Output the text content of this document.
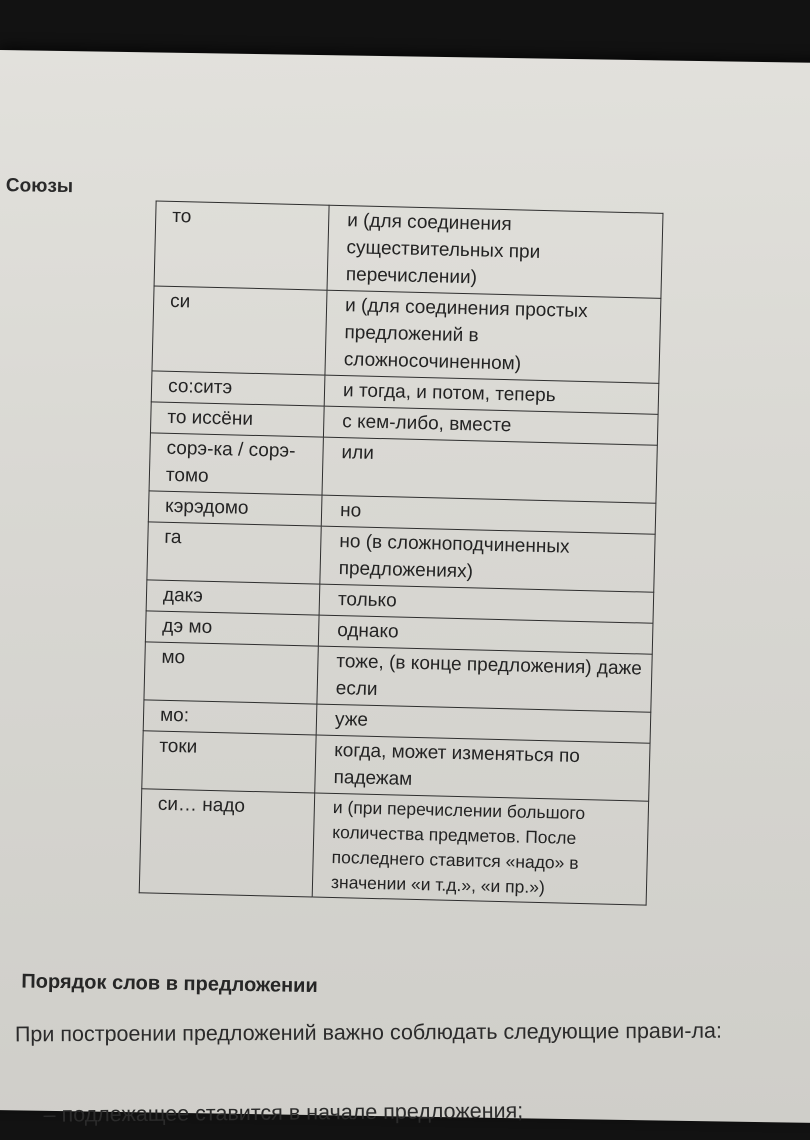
Союзы
то	и (для соединения существительных при перечислении)
си	и (для соединения простых предложений в сложносочиненном)
со:ситэ	и тогда, и потом, теперь
то иссёни	с кем-либо, вместе
сорэ-ка / сорэ-томо	или
кэрэдомо	но
га	но (в сложноподчиненных предложениях)
дакэ	только
дэ мо	однако
мо	тоже, (в конце предложения) даже если
мо:	уже
токи	когда, может изменяться по падежам
си… надо	и (при перечислении большого количества предметов. После последнего ставится «надо» в значении «и т.д.», «и пр.»)
Порядок слов в предложении

При построении предложений важно соблюдать следующие прави-ла:

– подлежащее ставится в начале предложения;
